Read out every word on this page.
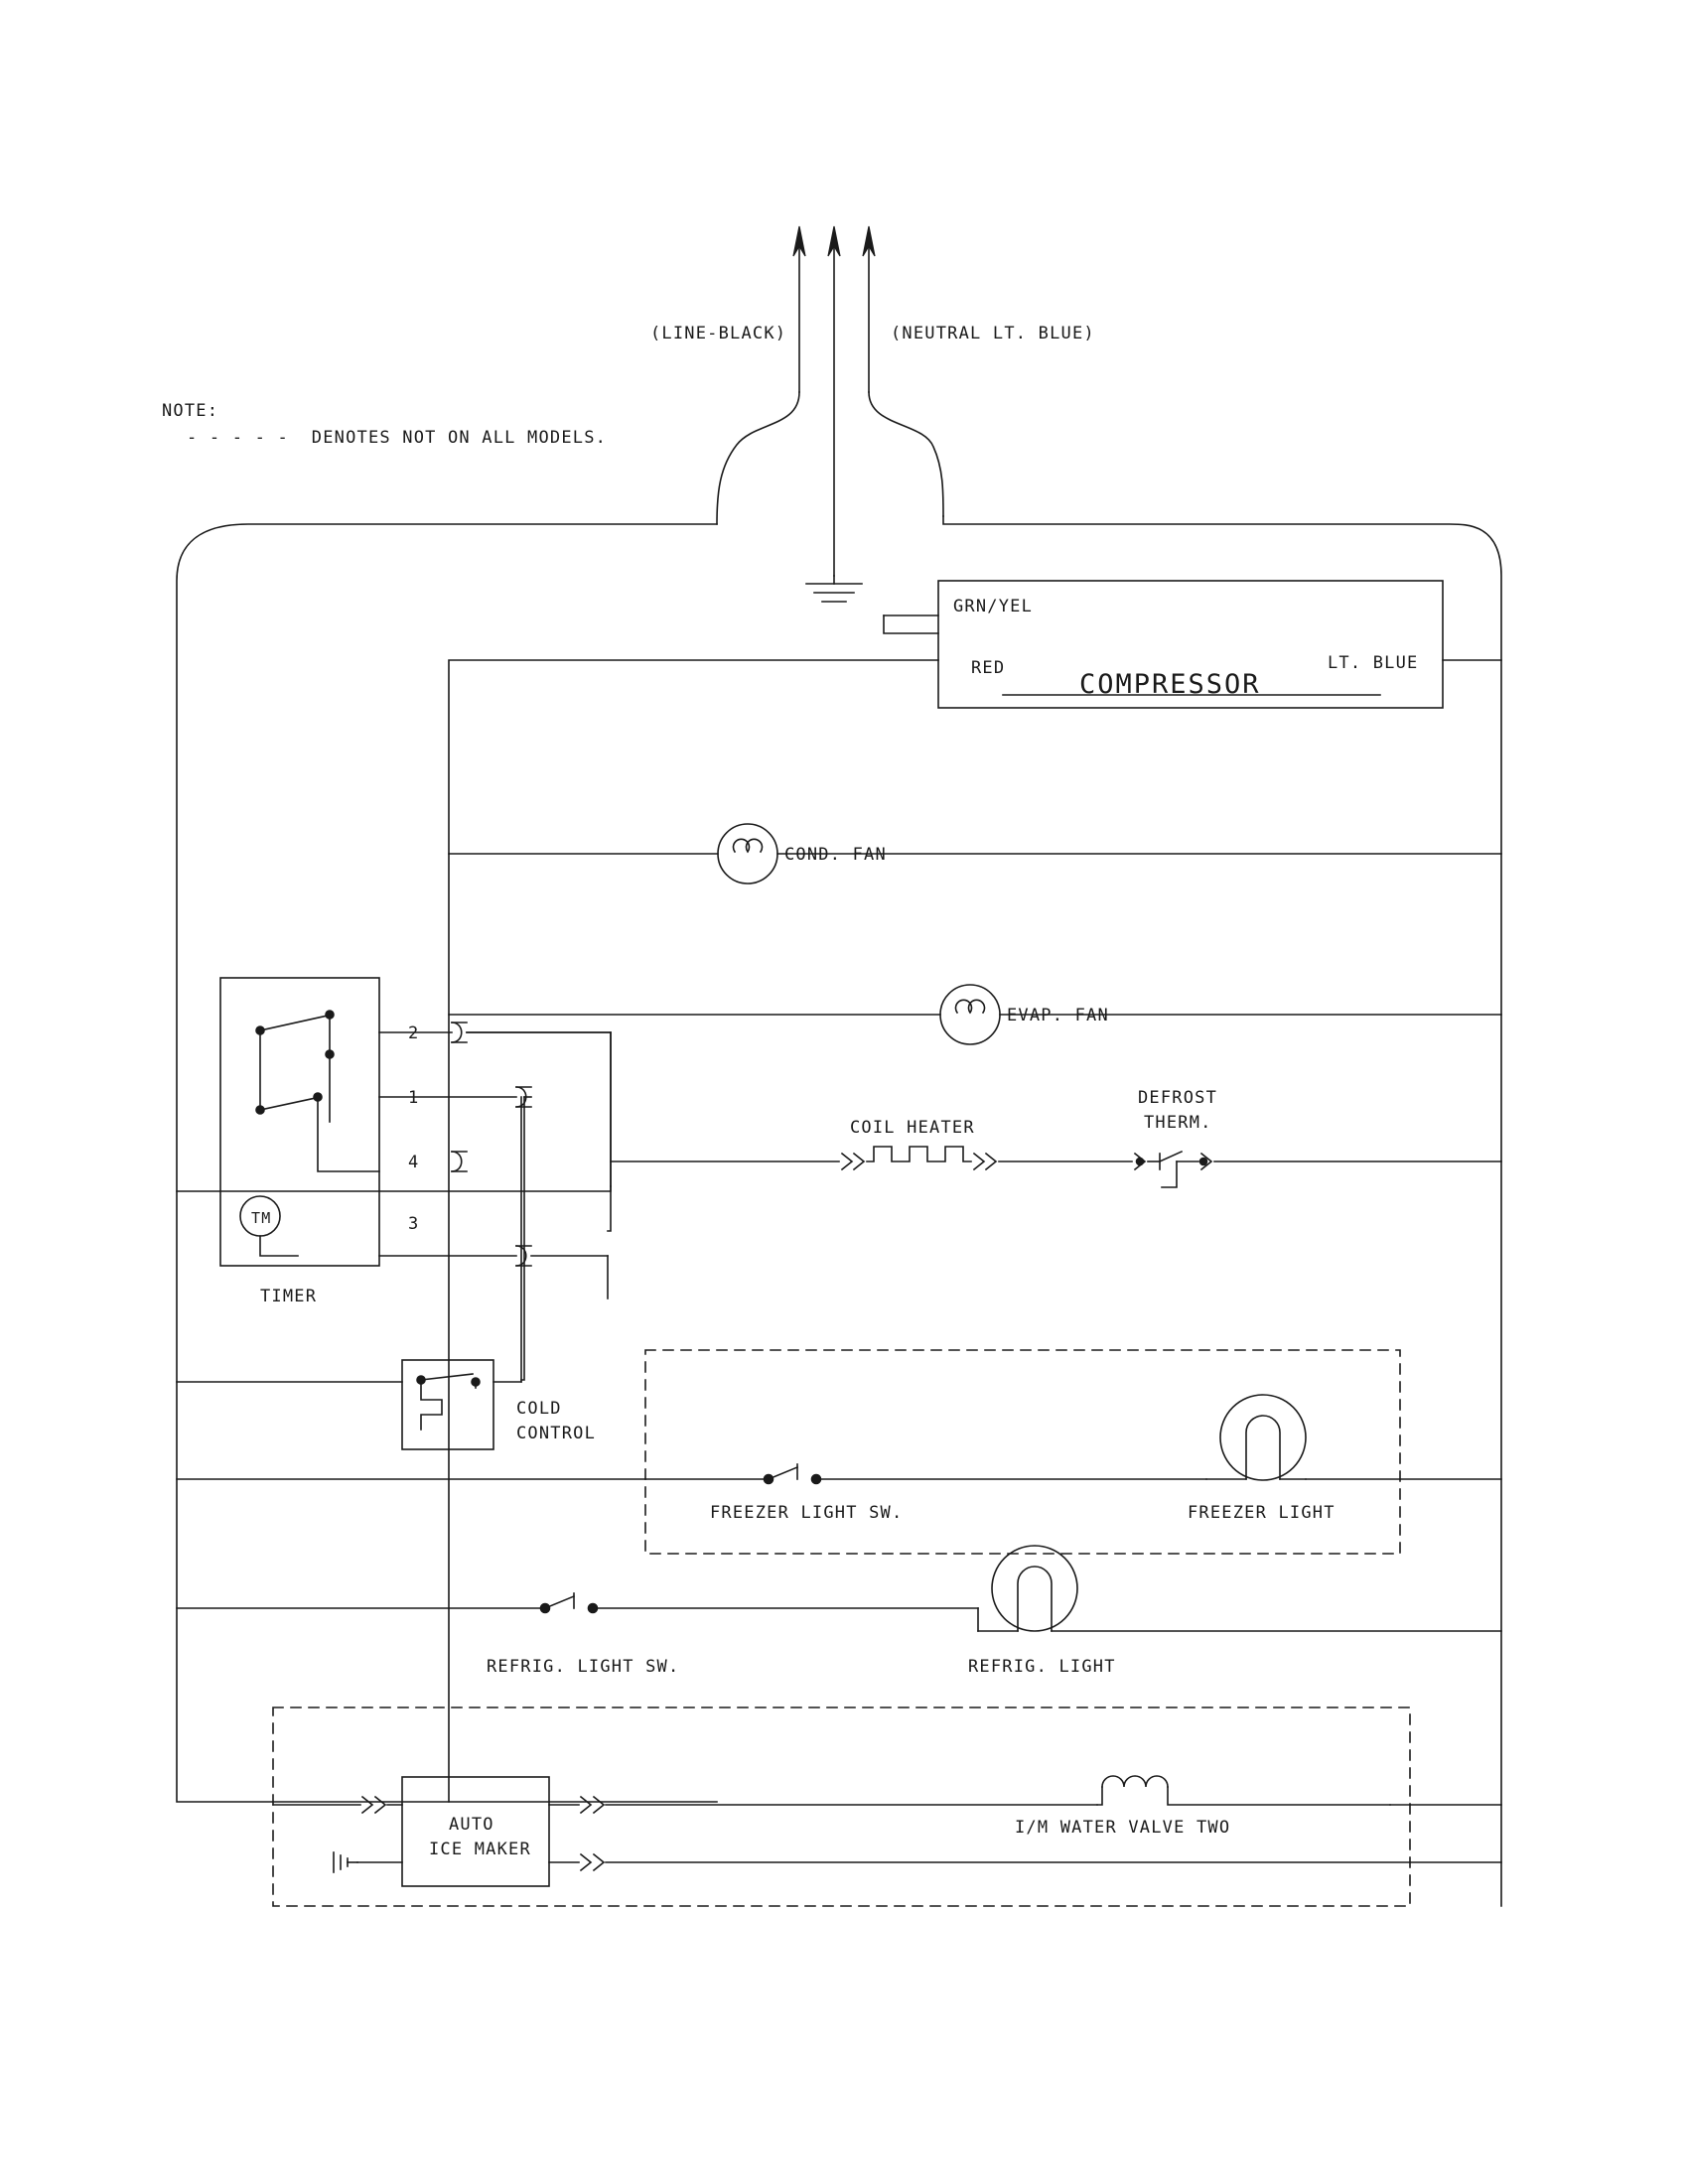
(LINE-BLACK)	(NEUTRAL LT. BLUE)
NOTE:
- - - - -  DENOTES NOT ON ALL MODELS.
COMPRESSOR
GRN/YEL
RED	LT. BLUE
COND. FAN
EVAP. FAN
COIL HEATER
DEFROST
THERM.
2
1
4
3
TM
TIMER
COLD
CONTROL
FREEZER LIGHT SW.	FREEZER LIGHT
REFRIG. LIGHT SW.	REFRIG. LIGHT
AUTO
ICE MAKER
I/M WATER VALVE TWO
